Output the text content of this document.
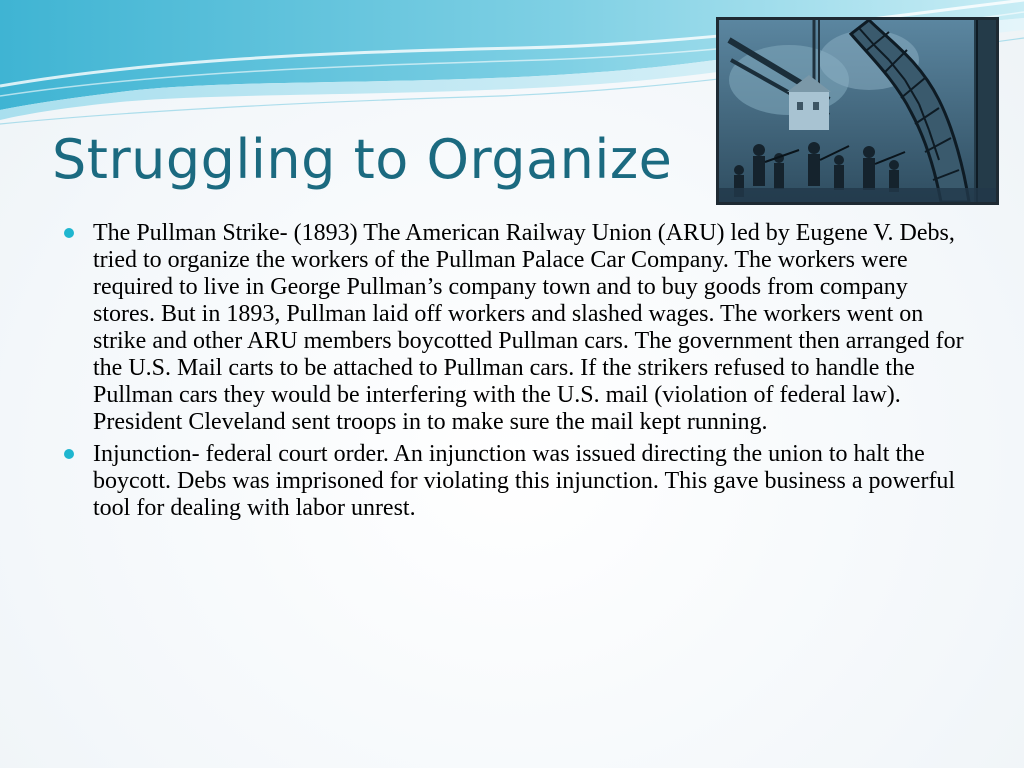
Struggling to Organize
The Pullman Strike- (1893) The American Railway Union (ARU) led by Eugene V. Debs, tried to organize the workers of the Pullman Palace Car Company. The workers were required to live in George Pullman’s company town and to buy goods from company stores. But in 1893, Pullman laid off workers and slashed wages. The workers went on strike and other ARU members boycotted Pullman cars. The government then arranged for the U.S. Mail carts to be attached to Pullman cars. If the strikers refused to handle the Pullman cars they would be interfering with the U.S. mail (violation of federal law). President Cleveland sent troops in to make sure the mail kept running.
Injunction- federal court order. An injunction was issued directing the union to halt the boycott. Debs was imprisoned for violating this injunction. This gave business a powerful tool for dealing with labor unrest.
